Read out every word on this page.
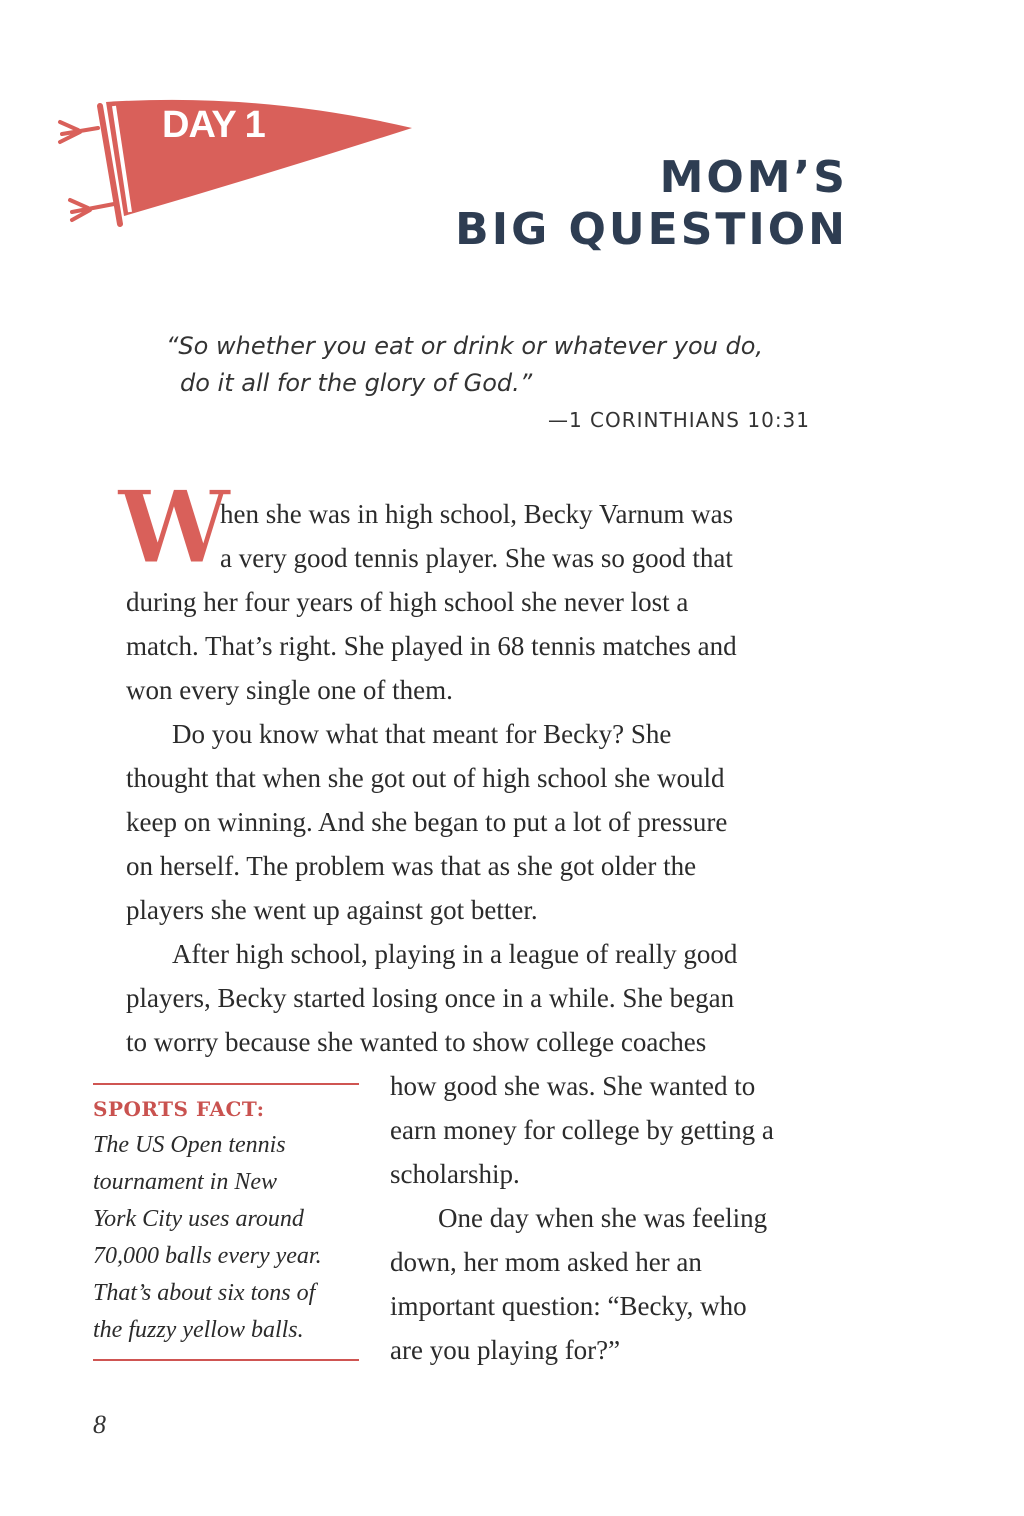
DAY 1
MOM’S
BIG QUESTION
“So whether you eat or drink or whatever you do,
do it all for the glory of God.”
—1 CORINTHIANS 10:31
W
hen she was in high school, Becky Varnum was
a very good tennis player. She was so good that
during her four years of high school she never lost a
match. That’s right. She played in 68 tennis matches and
won every single one of them.
Do you know what that meant for Becky? She
thought that when she got out of high school she would
keep on winning. And she began to put a lot of pressure
on herself. The problem was that as she got older the
players she went up against got better.
After high school, playing in a league of really good
players, Becky started losing once in a while. She began
to worry because she wanted to show college coaches
how good she was. She wanted to
earn money for college by getting a
scholarship.
One day when she was feeling
down, her mom asked her an
important question: “Becky, who
are you playing for?”
SPORTS FACT:
The US Open tennis
tournament in New
York City uses around
70,000 balls every year.
That’s about six tons of
the fuzzy yellow balls.
8
